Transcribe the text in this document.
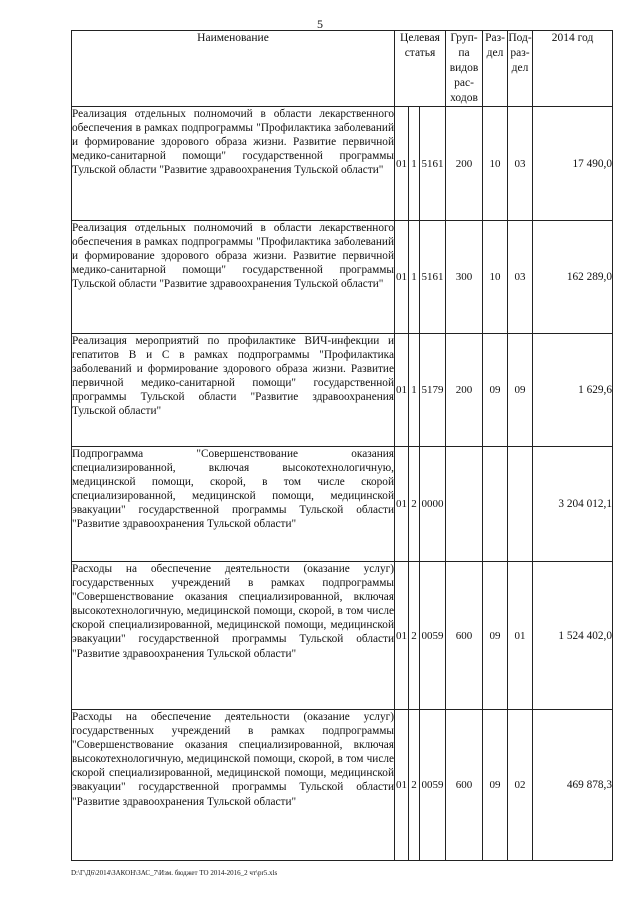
5
Наименование	Целевая статья			Груп-па видов рас-ходов	Раз-дел	Под-раз-дел	2014 год
Реализация отдельных полномочий в области лекарственного обеспечения в рамках подпрограммы "Профилактика заболеваний и формирование здорового образа жизни. Развитие первичной медико-санитарной помощи" государственной программы Тульской области "Развитие здравоохранения Тульской области"	01	1	5161	200	10	03	17 490,0
Реализация отдельных полномочий в области лекарственного обеспечения в рамках подпрограммы "Профилактика заболеваний и формирование здорового образа жизни. Развитие первичной медико-санитарной помощи" государственной программы Тульской области "Развитие здравоохранения Тульской области"	01	1	5161	300	10	03	162 289,0
Реализация мероприятий по профилактике ВИЧ-инфекции и гепатитов В и С в рамках подпрограммы "Профилактика заболеваний и формирование здорового образа жизни. Развитие первичной медико-санитарной помощи" государственной программы Тульской области "Развитие здравоохранения Тульской области"	01	1	5179	200	09	09	1 629,6
Подпрограмма "Совершенствование оказания специализированной, включая высокотехнологичную, медицинской помощи, скорой, в том числе скорой специализированной, медицинской помощи, медицинской эвакуации" государственной программы Тульской области "Развитие здравоохранения Тульской области"	01	2	0000				3 204 012,1
Расходы на обеспечение деятельности (оказание услуг) государственных учреждений в рамках подпрограммы "Совершенствование оказания специализированной, включая высокотехнологичную, медицинской помощи, скорой, в том числе скорой специализированной, медицинской помощи, медицинской эвакуации" государственной программы Тульской области "Развитие здравоохранения Тульской области"	01	2	0059	600	09	01	1 524 402,0
Расходы на обеспечение деятельности (оказание услуг) государственных учреждений в рамках подпрограммы "Совершенствование оказания специализированной, включая высокотехнологичную, медицинской помощи, скорой, в том числе скорой специализированной, медицинской помощи, медицинской эвакуации" государственной программы Тульской области "Развитие здравоохранения Тульской области"	01	2	0059	600	09	02	469 878,3
D:\Г\Д6\2014\ЗАКОН\ЗАС_7\Изм. бюджет ТО 2014-2016_2 чт\pr5.xls
